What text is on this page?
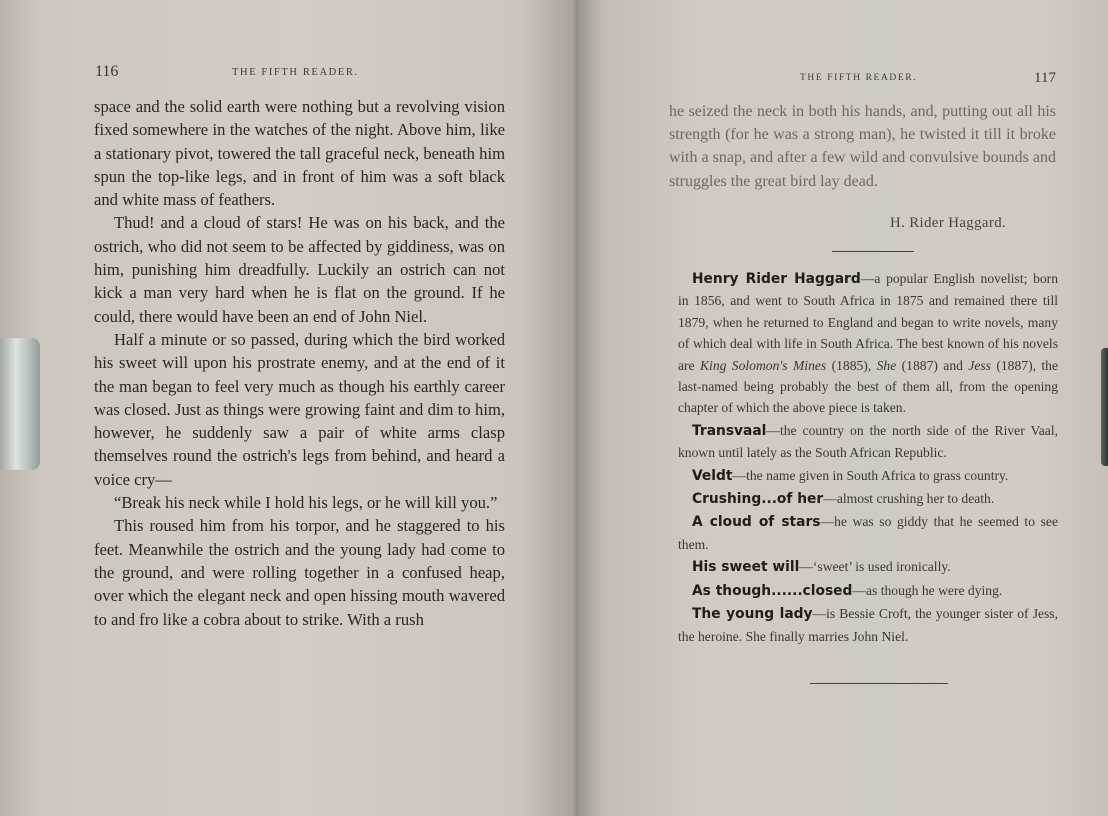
116	THE FIFTH READER.

space and the solid earth were nothing but a revolving vision fixed somewhere in the watches of the night. Above him, like a stationary pivot, towered the tall graceful neck, beneath him spun the top-like legs, and in front of him was a soft black and white mass of feathers.

Thud! and a cloud of stars! He was on his back, and the ostrich, who did not seem to be affected by giddiness, was on him, punishing him dreadfully. Luckily an ostrich can not kick a man very hard when he is flat on the ground. If he could, there would have been an end of John Niel.

Half a minute or so passed, during which the bird worked his sweet will upon his prostrate enemy, and at the end of it the man began to feel very much as though his earthly career was closed. Just as things were growing faint and dim to him, however, he suddenly saw a pair of white arms clasp themselves round the ostrich's legs from behind, and heard a voice cry—

“Break his neck while I hold his legs, or he will kill you.”

This roused him from his torpor, and he staggered to his feet. Meanwhile the ostrich and the young lady had come to the ground, and were rolling together in a confused heap, over which the elegant neck and open hissing mouth wavered to and fro like a cobra about to strike. With a rush

THE FIFTH READER.	117

he seized the neck in both his hands, and, putting out all his strength (for he was a strong man), he twisted it till it broke with a snap, and after a few wild and convulsive bounds and struggles the great bird lay dead.

H. Rider Haggard.

Henry Rider Haggard—a popular English novelist; born in 1856, and went to South Africa in 1875 and remained there till 1879, when he returned to England and began to write novels, many of which deal with life in South Africa. The best known of his novels are King Solomon's Mines (1885), She (1887) and Jess (1887), the last-named being probably the best of them all, from the opening chapter of which the above piece is taken.

Transvaal—the country on the north side of the River Vaal, known until lately as the South African Republic.

Veldt—the name given in South Africa to grass country.

Crushing...of her—almost crushing her to death.

A cloud of stars—he was so giddy that he seemed to see them.

His sweet will—‘sweet’ is used ironically.

As though......closed—as though he were dying.

The young lady—is Bessie Croft, the younger sister of Jess, the heroine. She finally marries John Niel.
